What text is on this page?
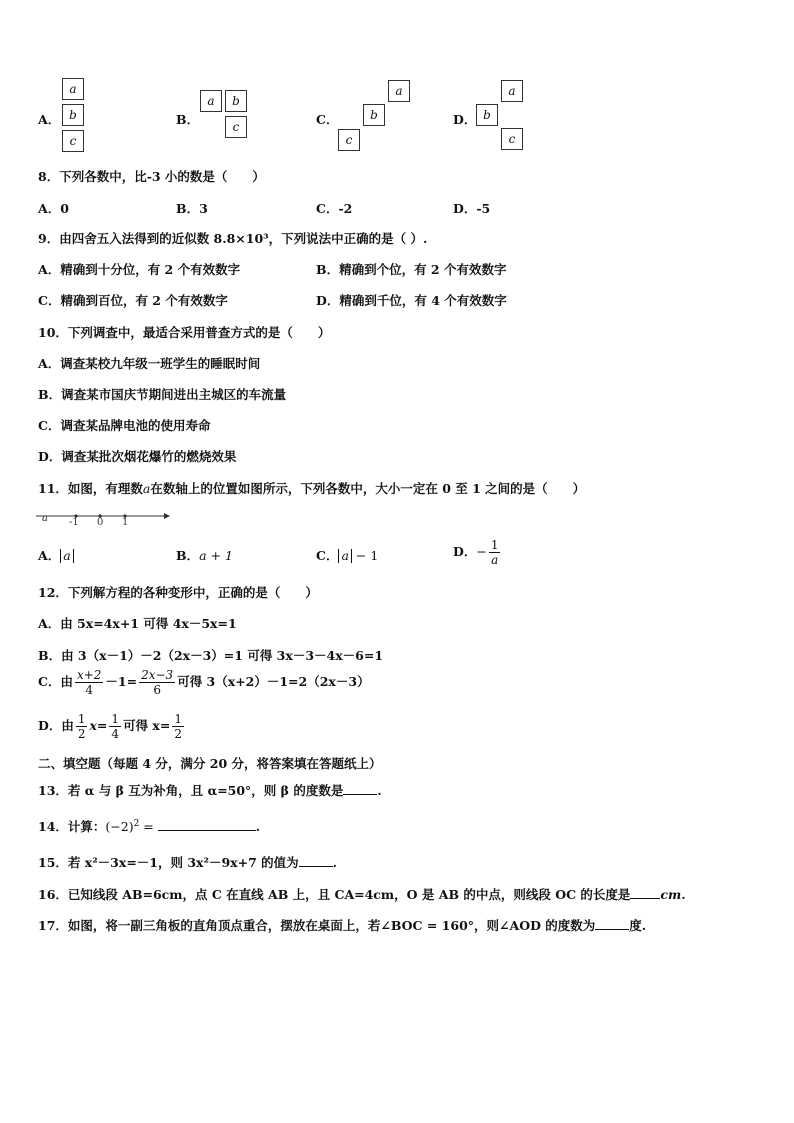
A．
a
b
c
B．
a	b
c	C．
a
b
c
D．
a
b
c
8．下列各数中，比-3 小的数是（　　）
A．0	B．3	C．-2	D．-5
9．由四舍五入法得到的近似数 8.8×10³，下列说法中正确的是（ ）.
A．精确到十分位，有 2 个有效数字	B．精确到个位，有 2 个有效数字
C．精确到百位，有 2 个有效数字	D．精确到千位，有 4 个有效数字
10．下列调查中，最适合采用普查方式的是（　　）
A．调查某校九年级一班学生的睡眠时间
B．调查某市国庆节期间进出主城区的车流量
C．调查某品牌电池的使用寿命
D．调查某批次烟花爆竹的燃烧效果
11．如图，有理数a在数轴上的位置如图所示，下列各数中，大小一定在 0 至 1 之间的是（　　）
a -1 0 1
A． a	B．a + 1	C． a − 1	D．− $\frac{1}{a}$
12．下列解方程的各种变形中，正确的是（　　）
A．由 5x=4x+1 可得 4x－5x=1
B．由 3（x－1）－2（2x－3）=1 可得 3x－3－4x－6=1
C．由 $\frac{x+2}{4} -1= \frac{2x-3}{6}$ 可得 3（x+2）－1=2（2x－3）
D．由 $\frac{1}{2} x= \frac{1}{4}$ 可得 $x= \frac{1}{2}$
二、填空题（每题 4 分，满分 20 分，将答案填在答题纸上）
13．若 α 与 β 互为补角，且 α=50°，则 β 的度数是	.
14．计算：$(-2)^2$ =	.
15．若 x²－3x=－1，则 3x²－9x+7 的值为	.
16．已知线段 AB=6cm，点 C 在直线 AB 上，且 CA=4cm，O 是 AB 的中点，则线段 OC 的长度是 cm.
17．如图，将一副三角板的直角顶点重合，摆放在桌面上，若∠BOC = 160°，则∠AOD 的度数为	度.
